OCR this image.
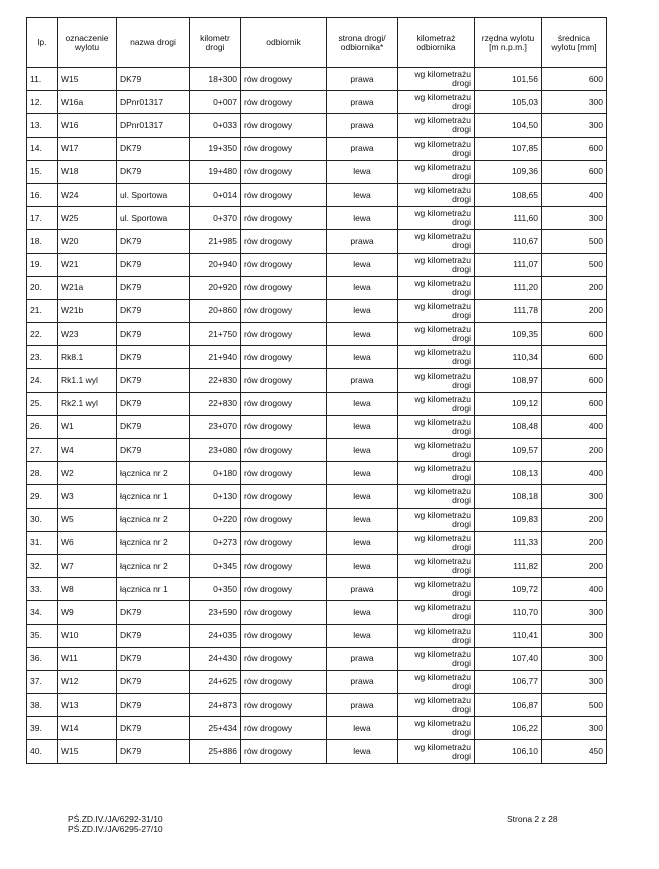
lp.	oznaczenie wylotu	nazwa drogi	kilometr drogi	odbiornik	strona drogi/ odbiornika*	kilometraż odbiornika	rzędna wylotu [m n.p.m.]	średnica wylotu [mm]
11.	W15	DK79	18+300	rów drogowy	prawa	wg kilometrażu drogi	101,56	600
12.	W16a	DPnr01317	0+007	rów drogowy	prawa	wg kilometrażu drogi	105,03	300
13.	W16	DPnr01317	0+033	rów drogowy	prawa	wg kilometrażu drogi	104,50	300
14.	W17	DK79	19+350	rów drogowy	prawa	wg kilometrażu drogi	107,85	600
15.	W18	DK79	19+480	rów drogowy	lewa	wg kilometrażu drogi	109,36	600
16.	W24	ul. Sportowa	0+014	rów drogowy	lewa	wg kilometrażu drogi	108,65	400
17.	W25	ul. Sportowa	0+370	rów drogowy	lewa	wg kilometrażu drogi	111,60	300
18.	W20	DK79	21+985	rów drogowy	prawa	wg kilometrażu drogi	110,67	500
19.	W21	DK79	20+940	rów drogowy	lewa	wg kilometrażu drogi	111,07	500
20.	W21a	DK79	20+920	rów drogowy	lewa	wg kilometrażu drogi	111,20	200
21.	W21b	DK79	20+860	rów drogowy	lewa	wg kilometrażu drogi	111,78	200
22.	W23	DK79	21+750	rów drogowy	lewa	wg kilometrażu drogi	109,35	600
23.	Rk8.1	DK79	21+940	rów drogowy	lewa	wg kilometrażu drogi	110,34	600
24.	Rk1.1 wyl	DK79	22+830	rów drogowy	prawa	wg kilometrażu drogi	108,97	600
25.	Rk2.1 wyl	DK79	22+830	rów drogowy	lewa	wg kilometrażu drogi	109,12	600
26.	W1	DK79	23+070	rów drogowy	lewa	wg kilometrażu drogi	108,48	400
27.	W4	DK79	23+080	rów drogowy	lewa	wg kilometrażu drogi	109,57	200
28.	W2	łącznica nr 2	0+180	rów drogowy	lewa	wg kilometrażu drogi	108,13	400
29.	W3	łącznica nr 1	0+130	rów drogowy	lewa	wg kilometrażu drogi	108,18	300
30.	W5	łącznica nr 2	0+220	rów drogowy	lewa	wg kilometrażu drogi	109,83	200
31.	W6	łącznica nr 2	0+273	rów drogowy	lewa	wg kilometrażu drogi	111,33	200
32.	W7	łącznica nr 2	0+345	rów drogowy	lewa	wg kilometrażu drogi	111,82	200
33.	W8	łącznica nr 1	0+350	rów drogowy	prawa	wg kilometrażu drogi	109,72	400
34.	W9	DK79	23+590	rów drogowy	lewa	wg kilometrażu drogi	110,70	300
35.	W10	DK79	24+035	rów drogowy	lewa	wg kilometrażu drogi	110,41	300
36.	W11	DK79	24+430	rów drogowy	prawa	wg kilometrażu drogi	107,40	300
37.	W12	DK79	24+625	rów drogowy	prawa	wg kilometrażu drogi	106,77	300
38.	W13	DK79	24+873	rów drogowy	prawa	wg kilometrażu drogi	106,87	500
39.	W14	DK79	25+434	rów drogowy	lewa	wg kilometrażu drogi	106,22	300
40.	W15	DK79	25+886	rów drogowy	lewa	wg kilometrażu drogi	106,10	450
PŚ.ZD.IV./JA/6292-31/10
PŚ.ZD.IV./JA/6295-27/10
Strona 2 z 28
